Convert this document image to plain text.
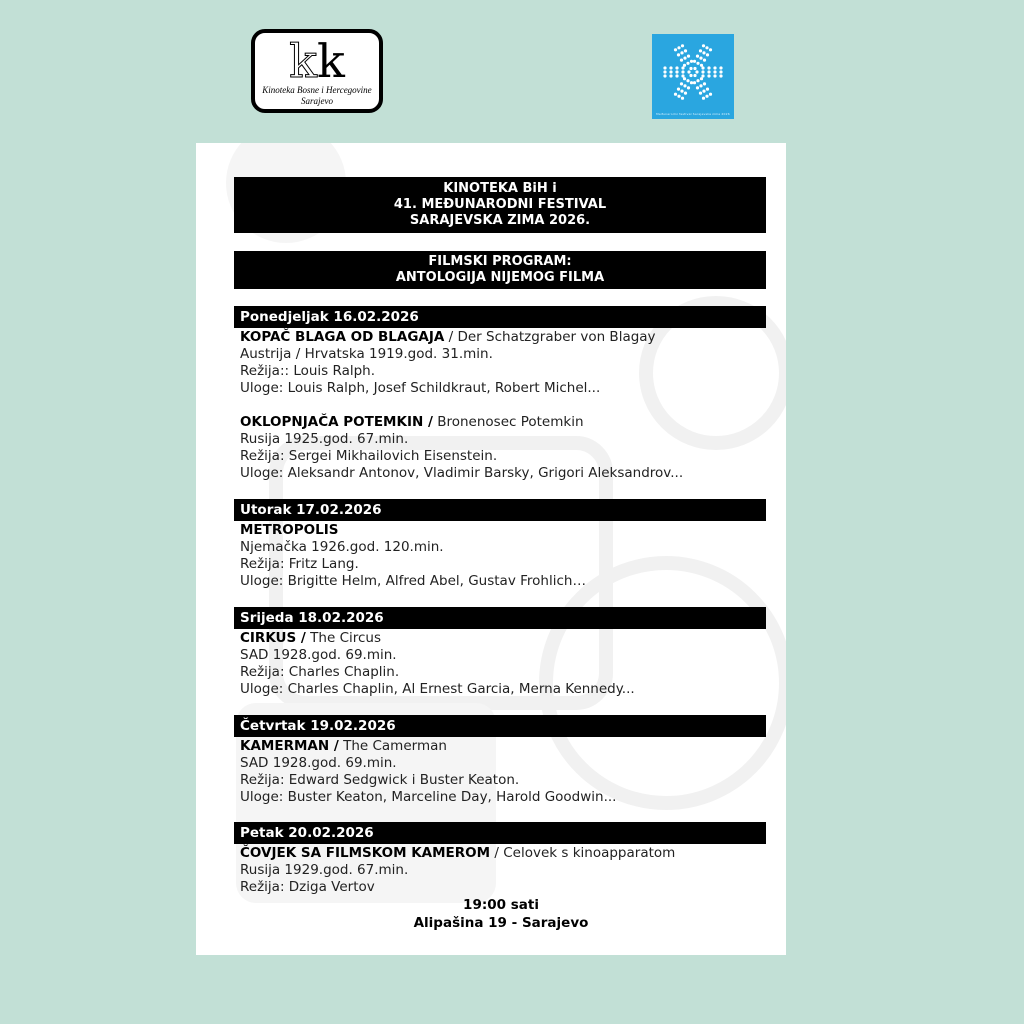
kk
Kinoteka Bosne i Hercegovine
Sarajevo
Međunarodni festival Sarajevska zima 2026
KINOTEKA BiH i
41. MEĐUNARODNI FESTIVAL
SARAJEVSKA ZIMA 2026.
FILMSKI PROGRAM:
ANTOLOGIJA NIJEMOG FILMA
Ponedjeljak 16.02.2026
KOPAČ BLAGA OD BLAGAJA / Der Schatzgraber von Blagay
Austrija / Hrvatska 1919.god. 31.min.
Režija:: Louis Ralph.
Uloge: Louis Ralph, Josef Schildkraut, Robert Michel...
OKLOPNJAČA POTEMKIN / Bronenosec Potemkin
Rusija 1925.god. 67.min.
Režija: Sergei Mikhailovich Eisenstein.
Uloge: Aleksandr Antonov, Vladimir Barsky, Grigori Aleksandrov...
Utorak 17.02.2026
METROPOLIS
Njemačka 1926.god. 120.min.
Režija: Fritz Lang.
Uloge: Brigitte Helm, Alfred Abel, Gustav Frohlich…
Srijeda 18.02.2026
CIRKUS / The Circus
SAD 1928.god. 69.min.
Režija: Charles Chaplin.
Uloge: Charles Chaplin, Al Ernest Garcia, Merna Kennedy...
Četvrtak 19.02.2026
KAMERMAN / The Camerman
SAD 1928.god. 69.min.
Režija: Edward Sedgwick i Buster Keaton.
Uloge: Buster Keaton, Marceline Day, Harold Goodwin...
Petak 20.02.2026
ČOVJEK SA FILMSKOM KAMEROM / Celovek s kinoapparatom
Rusija 1929.god. 67.min.
Režija: Dziga Vertov
19:00 sati
Alipašina 19 - Sarajevo
